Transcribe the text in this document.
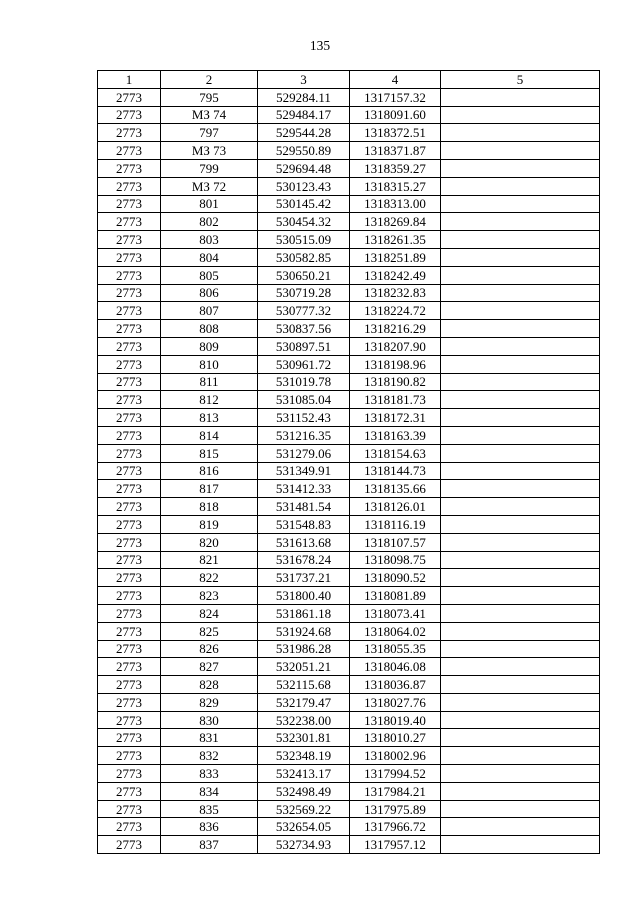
135
1	2	3	4	5
2773	795	529284.11	1317157.32	
2773	МЗ 74	529484.17	1318091.60	
2773	797	529544.28	1318372.51	
2773	МЗ 73	529550.89	1318371.87	
2773	799	529694.48	1318359.27	
2773	МЗ 72	530123.43	1318315.27	
2773	801	530145.42	1318313.00	
2773	802	530454.32	1318269.84	
2773	803	530515.09	1318261.35	
2773	804	530582.85	1318251.89	
2773	805	530650.21	1318242.49	
2773	806	530719.28	1318232.83	
2773	807	530777.32	1318224.72	
2773	808	530837.56	1318216.29	
2773	809	530897.51	1318207.90	
2773	810	530961.72	1318198.96	
2773	811	531019.78	1318190.82	
2773	812	531085.04	1318181.73	
2773	813	531152.43	1318172.31	
2773	814	531216.35	1318163.39	
2773	815	531279.06	1318154.63	
2773	816	531349.91	1318144.73	
2773	817	531412.33	1318135.66	
2773	818	531481.54	1318126.01	
2773	819	531548.83	1318116.19	
2773	820	531613.68	1318107.57	
2773	821	531678.24	1318098.75	
2773	822	531737.21	1318090.52	
2773	823	531800.40	1318081.89	
2773	824	531861.18	1318073.41	
2773	825	531924.68	1318064.02	
2773	826	531986.28	1318055.35	
2773	827	532051.21	1318046.08	
2773	828	532115.68	1318036.87	
2773	829	532179.47	1318027.76	
2773	830	532238.00	1318019.40	
2773	831	532301.81	1318010.27	
2773	832	532348.19	1318002.96	
2773	833	532413.17	1317994.52	
2773	834	532498.49	1317984.21	
2773	835	532569.22	1317975.89	
2773	836	532654.05	1317966.72	
2773	837	532734.93	1317957.12	
